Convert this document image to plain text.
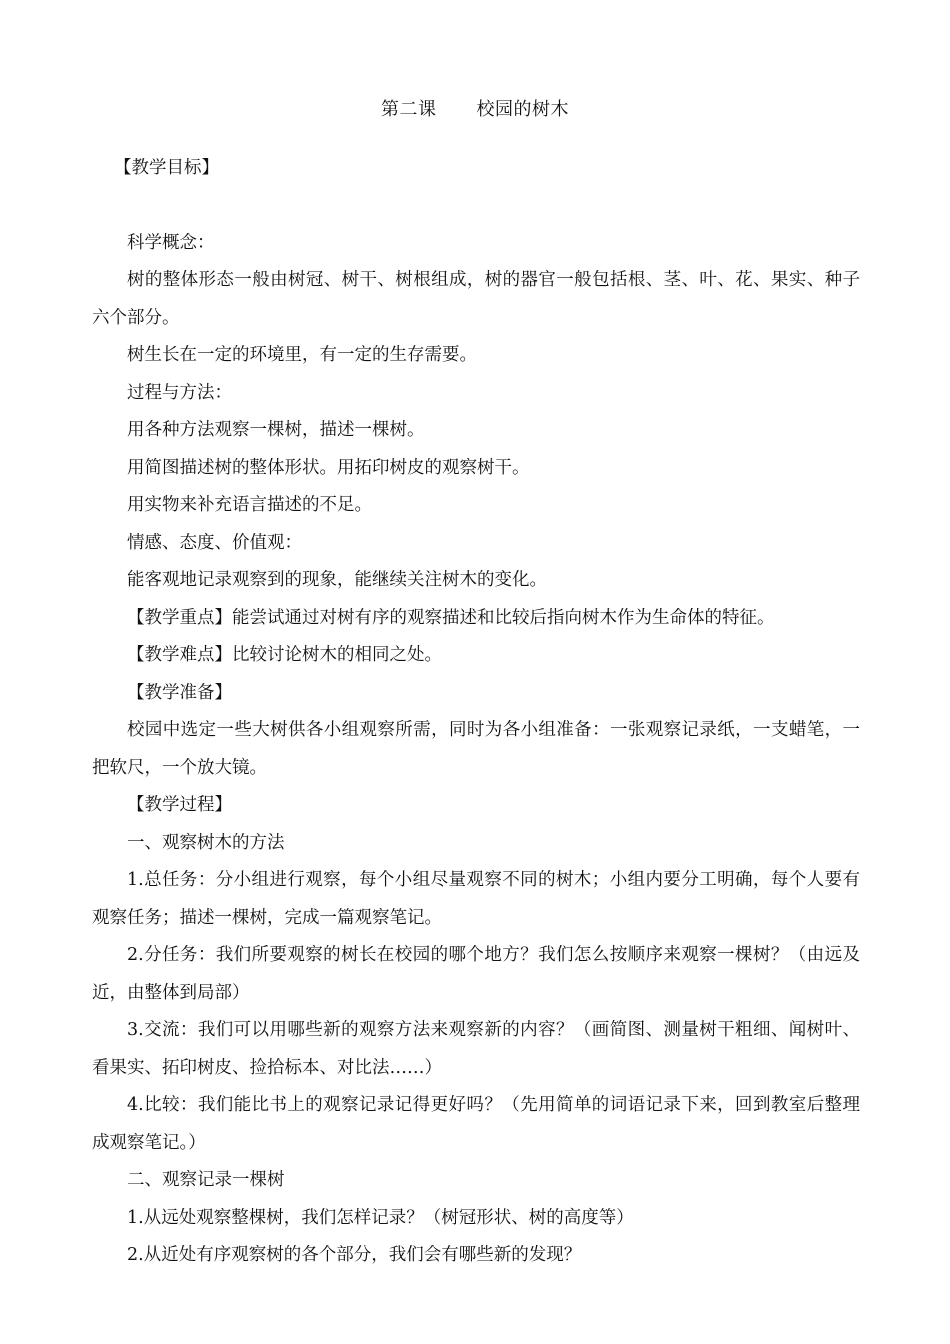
第二课 校园的树木

【教学目标】

科学概念：

树的整体形态一般由树冠、树干、树根组成，树的器官一般包括根、茎、叶、花、果实、种子六个部分。

树生长在一定的环境里，有一定的生存需要。

过程与方法：

用各种方法观察一棵树，描述一棵树。

用简图描述树的整体形状。用拓印树皮的观察树干。

用实物来补充语言描述的不足。

情感、态度、价值观：

能客观地记录观察到的现象，能继续关注树木的变化。

【教学重点】能尝试通过对树有序的观察描述和比较后指向树木作为生命体的特征。

【教学难点】比较讨论树木的相同之处。

【教学准备】

校园中选定一些大树供各小组观察所需，同时为各小组准备：一张观察记录纸，一支蜡笔，一把软尺，一个放大镜。

【教学过程】

一、观察树木的方法

1.总任务：分小组进行观察，每个小组尽量观察不同的树木；小组内要分工明确，每个人要有观察任务；描述一棵树，完成一篇观察笔记。

2.分任务：我们所要观察的树长在校园的哪个地方？我们怎么按顺序来观察一棵树？（由远及近，由整体到局部）

3.交流：我们可以用哪些新的观察方法来观察新的内容？（画简图、测量树干粗细、闻树叶、看果实、拓印树皮、捡拾标本、对比法……）

4.比较：我们能比书上的观察记录记得更好吗？（先用简单的词语记录下来，回到教室后整理成观察笔记。）

二、观察记录一棵树

1.从远处观察整棵树，我们怎样记录？（树冠形状、树的高度等）

2.从近处有序观察树的各个部分，我们会有哪些新的发现？
